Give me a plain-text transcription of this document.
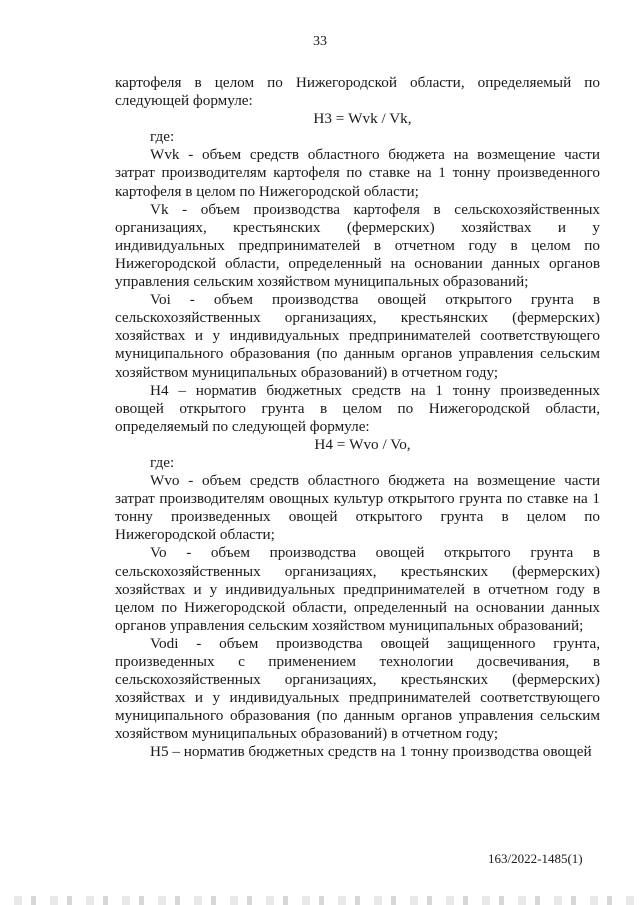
33

картофеля в целом по Нижегородской области, определяемый по следующей формуле:

Н3 = Wvk / Vk,

где:

Wvk - объем средств областного бюджета на возмещение части затрат производителям картофеля по ставке на 1 тонну произведенного картофеля в целом по Нижегородской области;

Vk - объем производства картофеля в сельскохозяйственных организациях, крестьянских (фермерских) хозяйствах и у индивидуальных предпринимателей в отчетном году в целом по Нижегородской области, определенный на основании данных органов управления сельским хозяйством муниципальных образований;

Voi - объем производства овощей открытого грунта в сельскохозяйственных организациях, крестьянских (фермерских) хозяйствах и у индивидуальных предпринимателей соответствующего муниципального образования (по данным органов управления сельским хозяйством муниципальных образований) в отчетном году;

Н4 – норматив бюджетных средств на 1 тонну произведенных овощей открытого грунта в целом по Нижегородской области, определяемый по следующей формуле:

Н4 = Wvo / Vo,

где:

Wvo - объем средств областного бюджета на возмещение части затрат производителям овощных культур открытого грунта по ставке на 1 тонну произведенных овощей открытого грунта в целом по Нижегородской области;

Vo - объем производства овощей открытого грунта в сельскохозяйственных организациях, крестьянских (фермерских) хозяйствах и у индивидуальных предпринимателей в отчетном году в целом по Нижегородской области, определенный на основании данных органов управления сельским хозяйством муниципальных образований;

Vodi - объем производства овощей защищенного грунта, произведенных с применением технологии досвечивания, в сельскохозяйственных организациях, крестьянских (фермерских) хозяйствах и у индивидуальных предпринимателей соответствующего муниципального образования (по данным органов управления сельским хозяйством муниципальных образований) в отчетном году;

Н5 – норматив бюджетных средств на 1 тонну производства овощей

163/2022-1485(1)
